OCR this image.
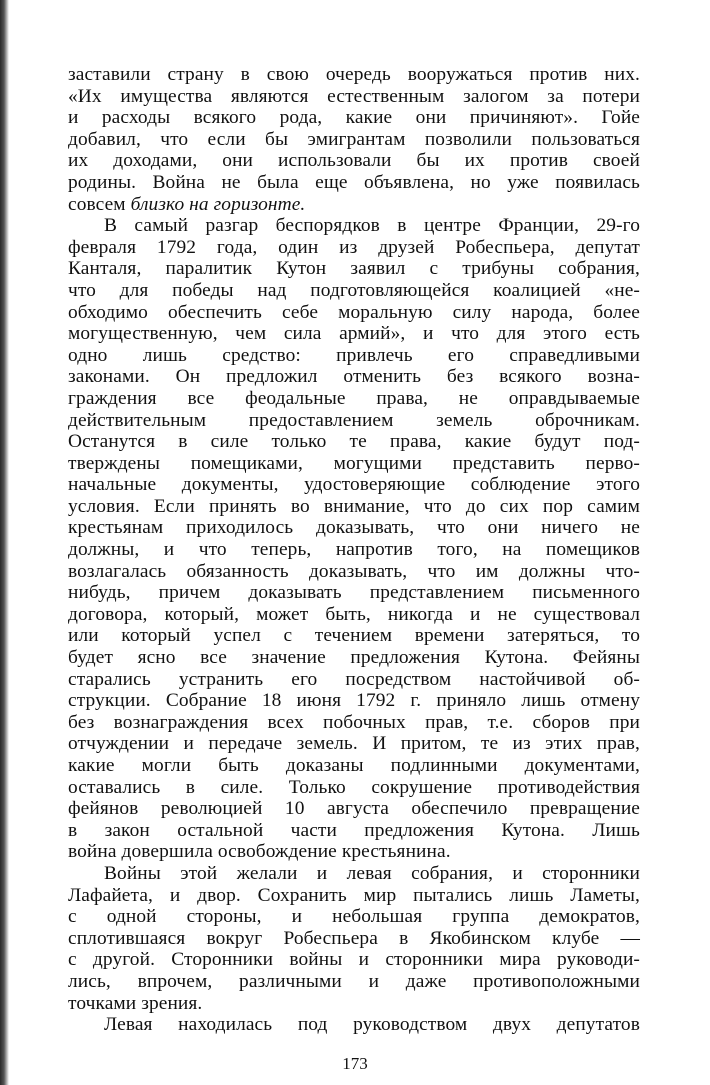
заставили страну в свою очередь вооружаться против них.
«Их имущества являются естественным залогом за потери
и расходы всякого рода, какие они причиняют». Гойе
добавил, что если бы эмигрантам позволили пользоваться
их доходами, они использовали бы их против своей
родины. Война не была еще объявлена, но уже появилась
совсем близко на горизонте.

В самый разгар беспорядков в центре Франции, 29-го
февраля 1792 года, один из друзей Робеспьера, депутат
Канталя, паралитик Кутон заявил с трибуны собрания,
что для победы над подготовляющейся коалицией «не-
обходимо обеспечить себе моральную силу народа, более
могущественную, чем сила армий», и что для этого есть
одно лишь средство: привлечь его справедливыми
законами. Он предложил отменить без всякого возна-
граждения все феодальные права, не оправдываемые
действительным предоставлением земель оброчникам.
Останутся в силе только те права, какие будут под-
тверждены помещиками, могущими представить перво-
начальные документы, удостоверяющие соблюдение этого
условия. Если принять во внимание, что до сих пор самим
крестьянам приходилось доказывать, что они ничего не
должны, и что теперь, напротив того, на помещиков
возлагалась обязанность доказывать, что им должны что-
нибудь, причем доказывать представлением письменного
договора, который, может быть, никогда и не существовал
или который успел с течением времени затеряться, то
будет ясно все значение предложения Кутона. Фейяны
старались устранить его посредством настойчивой об-
струкции. Собрание 18 июня 1792 г. приняло лишь отмену
без вознаграждения всех побочных прав, т.е. сборов при
отчуждении и передаче земель. И притом, те из этих прав,
какие могли быть доказаны подлинными документами,
оставались в силе. Только сокрушение противодействия
фейянов революцией 10 августа обеспечило превращение
в закон остальной части предложения Кутона. Лишь
война довершила освобождение крестьянина.

Войны этой желали и левая собрания, и сторонники
Лафайета, и двор. Сохранить мир пытались лишь Ламеты,
с одной стороны, и небольшая группа демократов,
сплотившаяся вокруг Робеспьера в Якобинском клубе —
с другой. Сторонники войны и сторонники мира руководи-
лись, впрочем, различными и даже противоположными
точками зрения.

Левая находилась под руководством двух депутатов

173
